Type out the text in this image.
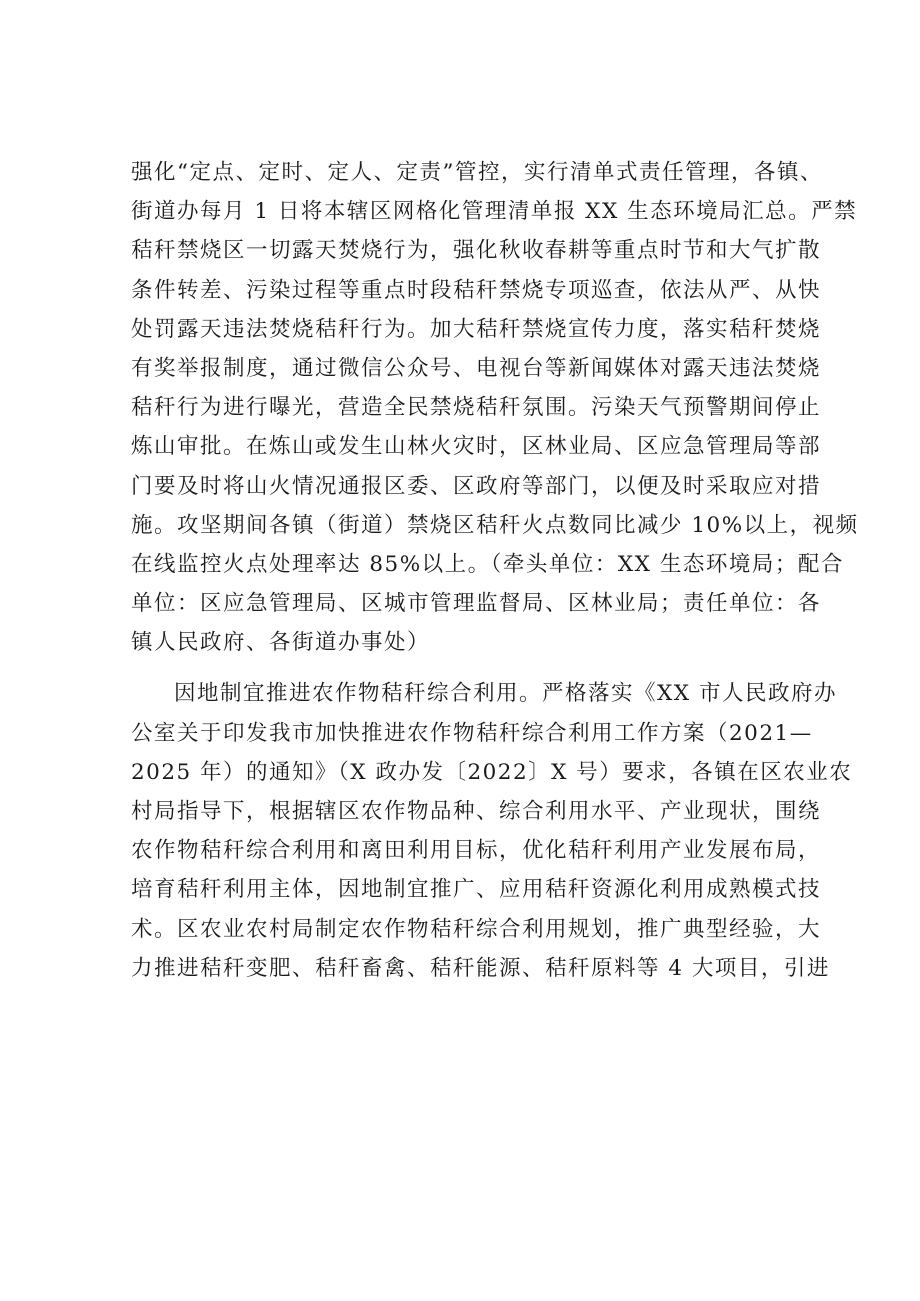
强化“定点、定时、定人、定责”管控，实行清单式责任管理，各镇、
街道办每月 1 日将本辖区网格化管理清单报 XX 生态环境局汇总。严禁
秸秆禁烧区一切露天焚烧行为，强化秋收春耕等重点时节和大气扩散
条件转差、污染过程等重点时段秸秆禁烧专项巡查，依法从严、从快
处罚露天违法焚烧秸秆行为。加大秸秆禁烧宣传力度，落实秸秆焚烧
有奖举报制度，通过微信公众号、电视台等新闻媒体对露天违法焚烧
秸秆行为进行曝光，营造全民禁烧秸秆氛围。污染天气预警期间停止
炼山审批。在炼山或发生山林火灾时，区林业局、区应急管理局等部
门要及时将山火情况通报区委、区政府等部门，以便及时采取应对措
施。攻坚期间各镇（街道）禁烧区秸秆火点数同比减少 10%以上，视频
在线监控火点处理率达 85%以上。（牵头单位：XX 生态环境局；配合
单位：区应急管理局、区城市管理监督局、区林业局；责任单位：各
镇人民政府、各街道办事处）
因地制宜推进农作物秸秆综合利用。严格落实《XX 市人民政府办
公室关于印发我市加快推进农作物秸秆综合利用工作方案（2021—
2025 年）的通知》（X 政办发〔2022〕X 号）要求，各镇在区农业农
村局指导下，根据辖区农作物品种、综合利用水平、产业现状，围绕
农作物秸秆综合利用和离田利用目标，优化秸秆利用产业发展布局，
培育秸秆利用主体，因地制宜推广、应用秸秆资源化利用成熟模式技
术。区农业农村局制定农作物秸秆综合利用规划，推广典型经验，大
力推进秸秆变肥、秸秆畜禽、秸秆能源、秸秆原料等 4 大项目，引进
